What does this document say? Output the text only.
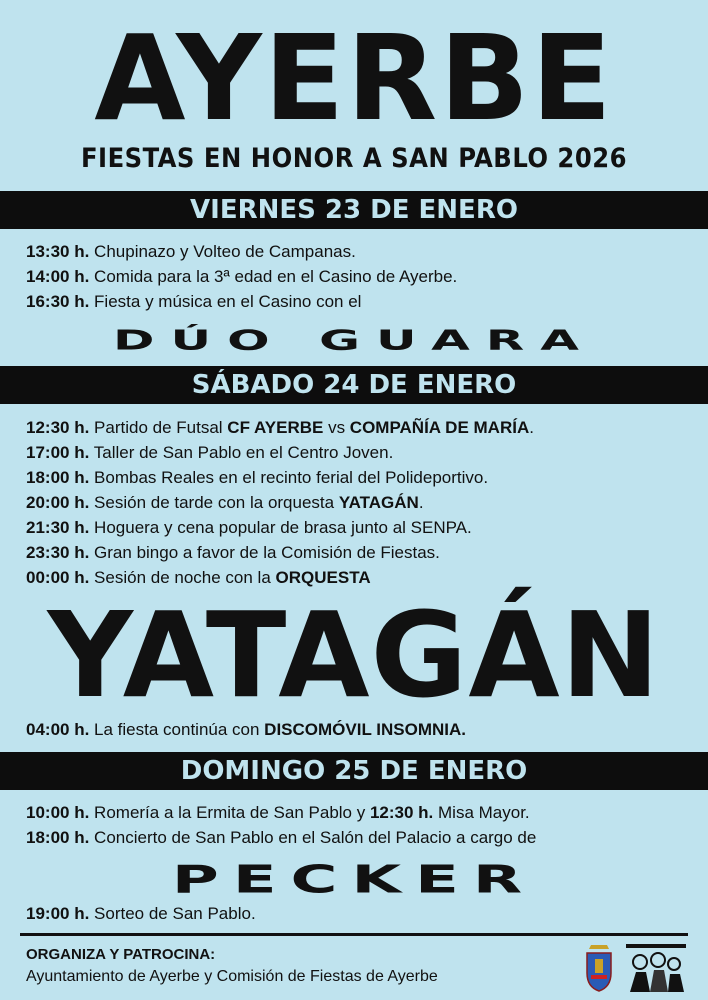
AYERBE
FIESTAS EN HONOR A SAN PABLO 2026
VIERNES 23 DE ENERO
13:30 h. Chupinazo y Volteo de Campanas.
14:00 h. Comida para la 3ª edad en el Casino de Ayerbe.
16:30 h. Fiesta y música en el Casino con el
DÚO GUARA
SÁBADO 24 DE ENERO
12:30 h. Partido de Futsal CF AYERBE vs COMPAÑÍA DE MARÍA.
17:00 h. Taller de San Pablo en el Centro Joven.
18:00 h. Bombas Reales en el recinto ferial del Polideportivo.
20:00 h. Sesión de tarde con la orquesta YATAGÁN.
21:30 h. Hoguera y cena popular de brasa junto al SENPA.
23:30 h. Gran bingo a favor de la Comisión de Fiestas.
00:00 h. Sesión de noche con la ORQUESTA
YATAGÁN
04:00 h. La fiesta continúa con DISCOMÓVIL INSOMNIA.
DOMINGO 25 DE ENERO
10:00 h. Romería a la Ermita de San Pablo y 12:30 h. Misa Mayor.
18:00 h. Concierto de San Pablo en el Salón del Palacio a cargo de
PECKER
19:00 h. Sorteo de San Pablo.
ORGANIZA Y PATROCINA:
Ayuntamiento de Ayerbe y Comisión de Fiestas de Ayerbe
